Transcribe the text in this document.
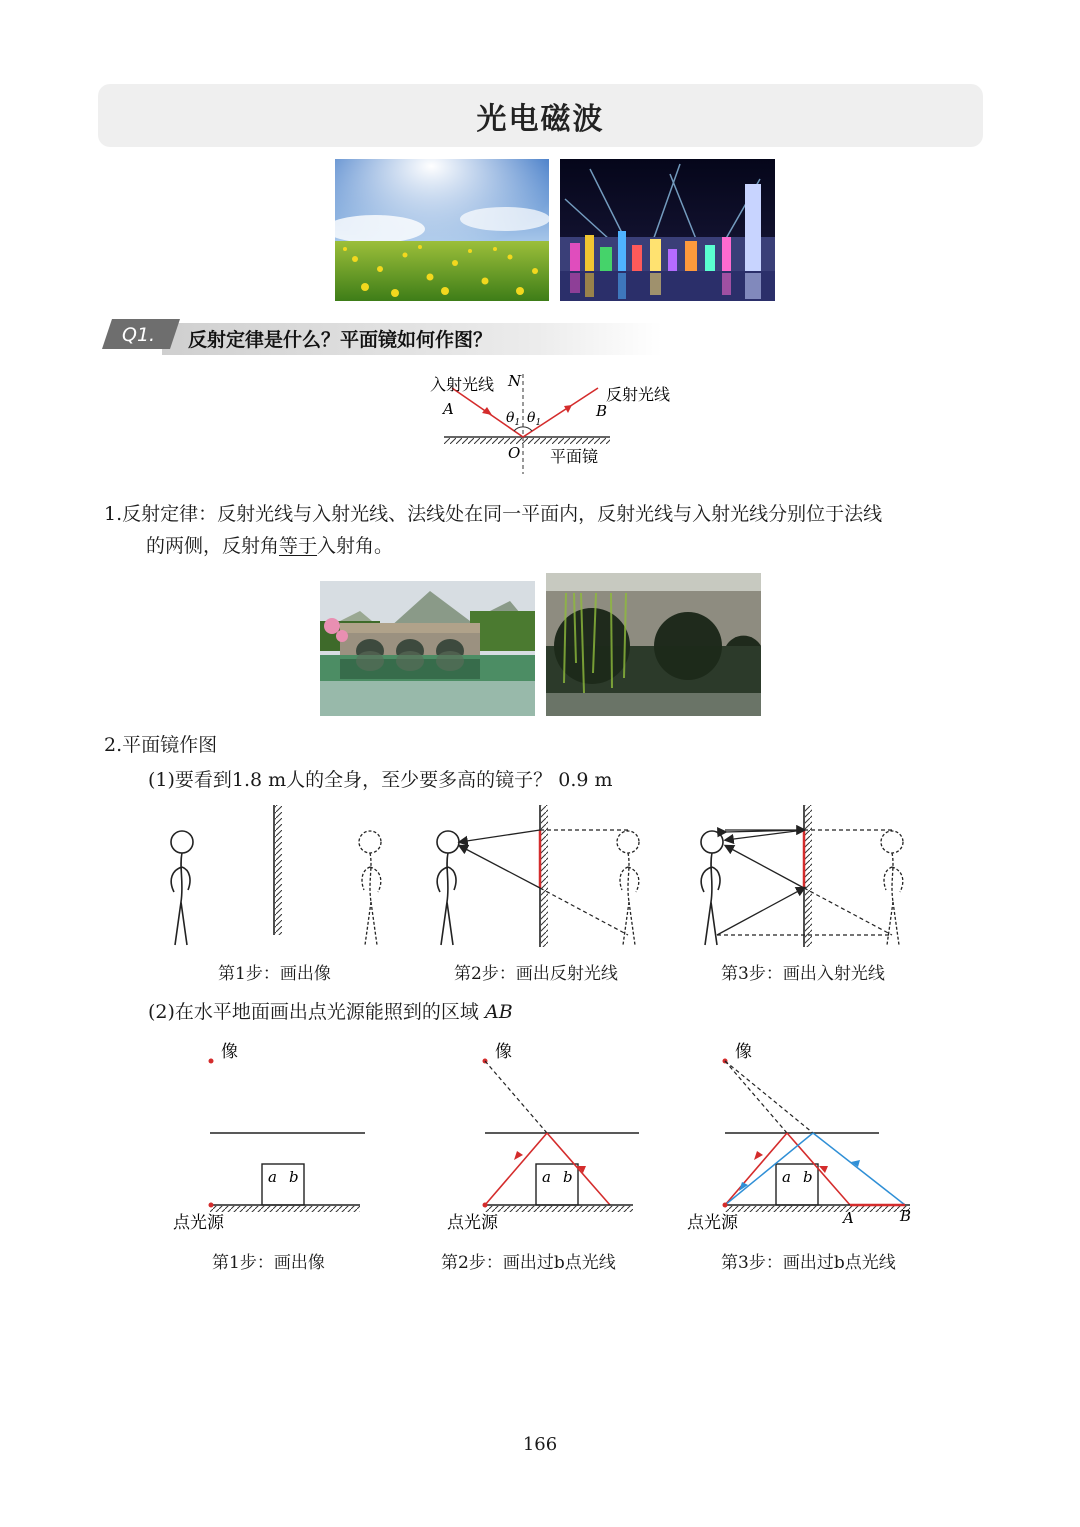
光电磁波
Q1. 反射定律是什么？平面镜如何作图？
入射光线 N
反射光线
A	B
$\theta_1$ $\theta_1$
O 平面镜
1.反射定律：反射光线与入射光线、法线处在同一平面内，反射光线与入射光线分别位于法线
的两侧，反射角等于入射角。
2.平面镜作图
(1)要看到1.8 m人的全身，至少要多高的镜子？ 0.9 m
第1步：画出像	第2步：画出反射光线	第3步：画出入射光线
(2)在水平地面画出点光源能照到的区域 AB
像
a b
点光源
像
a b
点光源
像
a b
点光源	A	B
第1步：画出像	第2步：画出过b点光线	第3步：画出过b点光线
166
